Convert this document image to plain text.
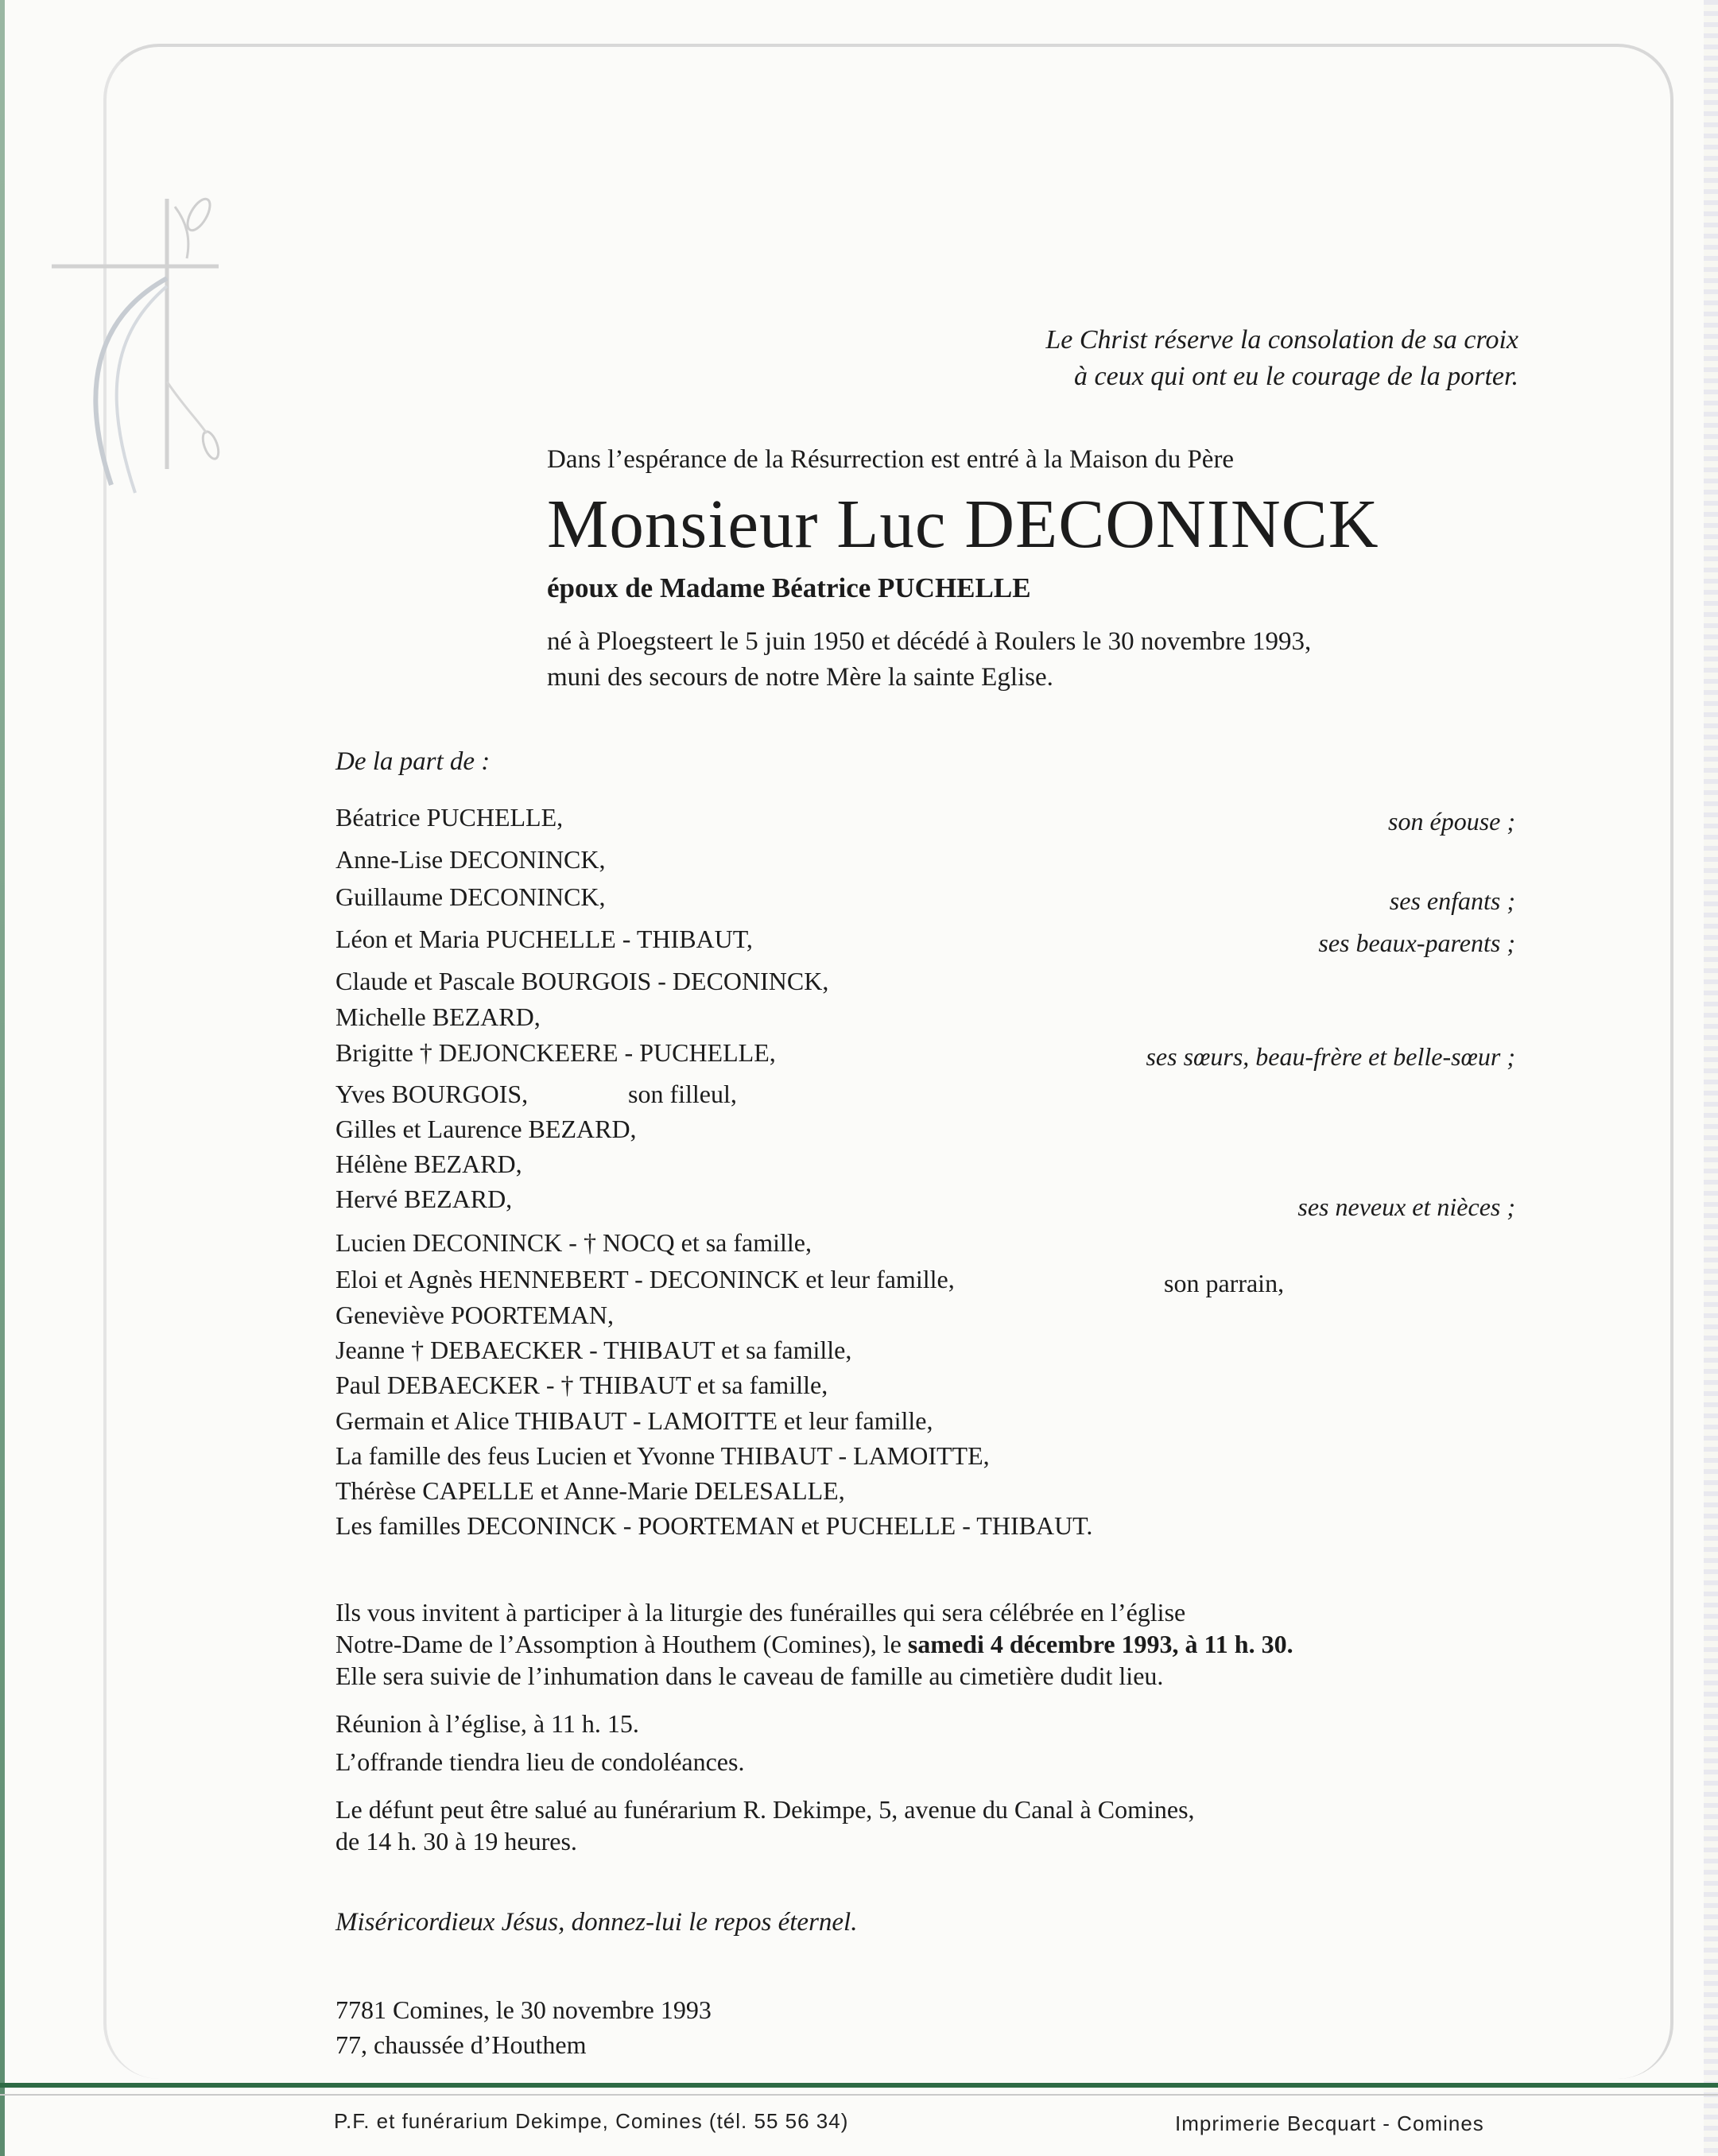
Le Christ réserve la consolation de sa croix
à ceux qui ont eu le courage de la porter.
Dans l’espérance de la Résurrection est entré à la Maison du Père
Monsieur Luc DECONINCK
époux de Madame Béatrice PUCHELLE
né à Ploegsteert le 5 juin 1950 et décédé à Roulers le 30 novembre 1993,
muni des secours de notre Mère la sainte Eglise.
De la part de :
Béatrice PUCHELLE,	son épouse ;
Anne-Lise DECONINCK,
Guillaume DECONINCK,	ses enfants ;
Léon et Maria PUCHELLE - THIBAUT,	ses beaux-parents ;
Claude et Pascale BOURGOIS - DECONINCK,
Michelle BEZARD,
Brigitte † DEJONCKEERE - PUCHELLE,	ses sœurs, beau-frère et belle-sœur ;
Yves BOURGOIS,	son filleul,
Gilles et Laurence BEZARD,
Hélène BEZARD,
Hervé BEZARD,	ses neveux et nièces ;
Lucien DECONINCK - † NOCQ et sa famille,
Eloi et Agnès HENNEBERT - DECONINCK et leur famille,	son parrain,
Geneviève POORTEMAN,
Jeanne † DEBAECKER - THIBAUT et sa famille,
Paul DEBAECKER - † THIBAUT et sa famille,
Germain et Alice THIBAUT - LAMOITTE et leur famille,
La famille des feus Lucien et Yvonne THIBAUT - LAMOITTE,
Thérèse CAPELLE et Anne-Marie DELESALLE,
Les familles DECONINCK - POORTEMAN et PUCHELLE - THIBAUT.
Ils vous invitent à participer à la liturgie des funérailles qui sera célébrée en l’église
Notre-Dame de l’Assomption à Houthem (Comines), le samedi 4 décembre 1993, à 11 h. 30.
Elle sera suivie de l’inhumation dans le caveau de famille au cimetière dudit lieu.
Réunion à l’église, à 11 h. 15.
L’offrande tiendra lieu de condoléances.
Le défunt peut être salué au funérarium R. Dekimpe, 5, avenue du Canal à Comines,
de 14 h. 30 à 19 heures.
Miséricordieux Jésus, donnez-lui le repos éternel.
7781 Comines, le 30 novembre 1993
77, chaussée d’Houthem
P.F. et funérarium Dekimpe, Comines (tél. 55 56 34)	Imprimerie Becquart - Comines
